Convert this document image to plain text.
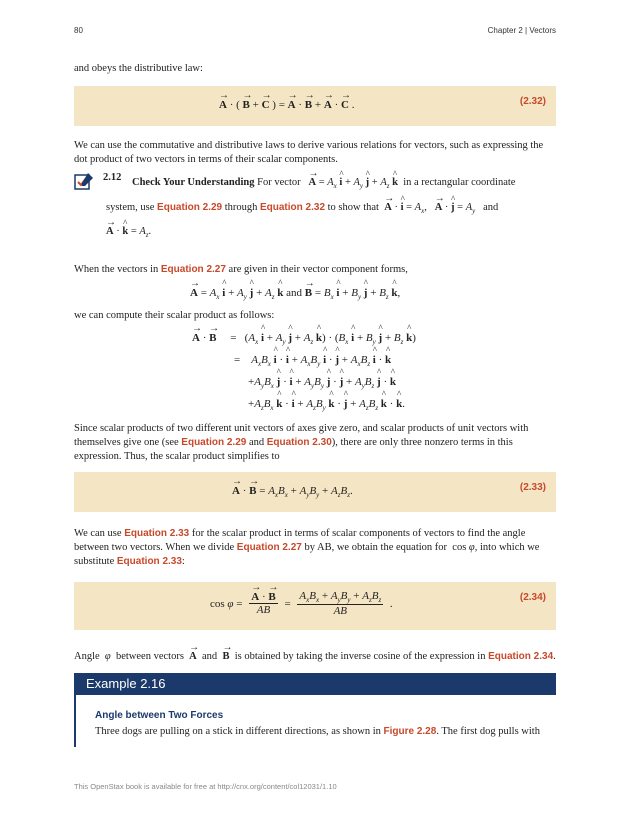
80	Chapter 2 | Vectors
and obeys the distributive law:
→ A · ( → B + → C ) = → A · → B + → A · → C .	(2.32)
We can use the commutative and distributive laws to derive various relations for vectors, such as expressing the dot product of two vectors in terms of their scalar components.
2.12 Check Your Understanding For vector → $A = A_x$ ^ $i + A_y$ ^ $j + A_z$ ^ k in a rectangular coordinate
system, use Equation 2.29 through Equation 2.32 to show that → A · ^ $i = A_x$,   → A · ^ $j = A_y$ and
→ A · ^ $k = A_z$.
When the vectors in Equation 2.27 are given in their vector component forms,
→ $A = A_x$ ^ $i + A_y$ ^ $j + A_z$ ^ k and → $B = B_x$ ^ $i + B_y$ ^ $j + B_z$ ^ k,
we can compute their scalar product as follows:
→ A · → B     =   ($A_x$ ^ $i + A_y$ ^ $j + A_z$ ^ $k) \cdot (B_x$ ^ $i + B_y$ ^ $j + B_z$ ^ k)
=    $A_xB_x$ ^ i · ^ $i + A_xB_y$ ^ i · ^ $j + A_xB_z$ ^ i · ^ k
$+A_yB_x$ ^ j · ^ $i + A_yB_y$ ^ j · ^ $j + A_yB_z$ ^ j · ^ k
$+A_zB_x$ ^ k · ^ $i + A_zB_y$ ^ k · ^ $j + A_zB_z$ ^ k · ^ k.
Since scalar products of two different unit vectors of axes give zero, and scalar products of unit vectors with themselves give one (see Equation 2.29 and Equation 2.30), there are only three nonzero terms in this expression. Thus, the scalar product simplifies to
→ A · → $B = A_xB_x + A_yB_y + A_zB_z$.	(2.33)
We can use Equation 2.33 for the scalar product in terms of scalar components of vectors to find the angle between two vectors. When we divide Equation 2.27 by AB, we obtain the equation for  cos φ, into which we substitute Equation 2.33:
cos φ = → $\frac{A \cdot \to B}{AB}$ =
$A_xB_x + A_yB_y + A_zB_z$
AB
.
(2.34)
Angle φ between vectors → A and → B is obtained by taking the inverse cosine of the expression in Equation 2.34.
Example 2.16
Angle between Two Forces
Three dogs are pulling on a stick in different directions, as shown in Figure 2.28. The first dog pulls with
This OpenStax book is available for free at http://cnx.org/content/col12031/1.10
